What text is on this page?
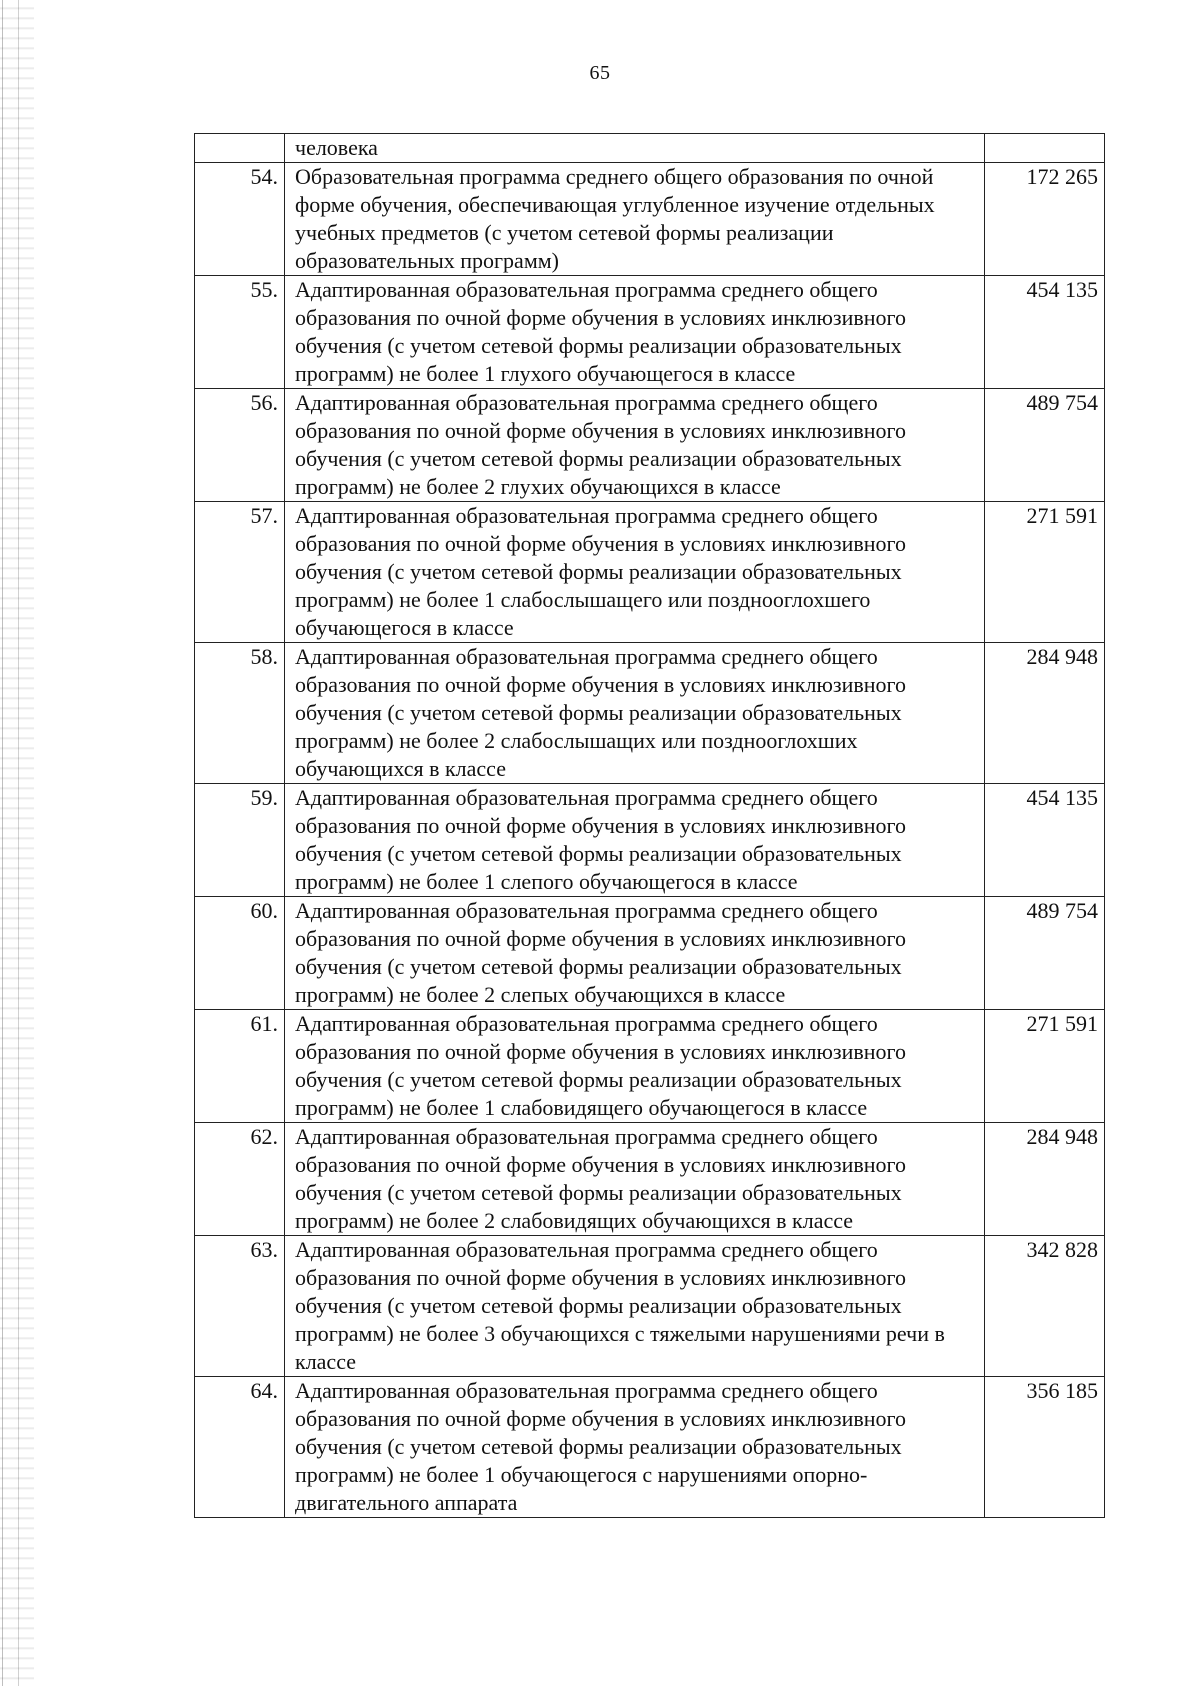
65
	человека	
54.	Образовательная программа среднего общего образования по очной форме обучения, обеспечивающая углубленное изучение отдельных учебных предметов (с учетом сетевой формы реализации образовательных программ)	172 265
55.	Адаптированная образовательная программа среднего общего образования по очной форме обучения в условиях инклюзивного обучения (с учетом сетевой формы реализации образовательных программ) не более 1 глухого обучающегося в классе	454 135
56.	Адаптированная образовательная программа среднего общего образования по очной форме обучения в условиях инклюзивного обучения (с учетом сетевой формы реализации образовательных программ) не более 2 глухих обучающихся в классе	489 754
57.	Адаптированная образовательная программа среднего общего образования по очной форме обучения в условиях инклюзивного обучения (с учетом сетевой формы реализации образовательных программ) не более 1 слабослышащего или позднооглохшего обучающегося в классе	271 591
58.	Адаптированная образовательная программа среднего общего образования по очной форме обучения в условиях инклюзивного обучения (с учетом сетевой формы реализации образовательных программ) не более 2 слабослышащих или позднооглохших обучающихся в классе	284 948
59.	Адаптированная образовательная программа среднего общего образования по очной форме обучения в условиях инклюзивного обучения (с учетом сетевой формы реализации образовательных программ) не более 1 слепого обучающегося в классе	454 135
60.	Адаптированная образовательная программа среднего общего образования по очной форме обучения в условиях инклюзивного обучения (с учетом сетевой формы реализации образовательных программ) не более 2 слепых обучающихся в классе	489 754
61.	Адаптированная образовательная программа среднего общего образования по очной форме обучения в условиях инклюзивного обучения (с учетом сетевой формы реализации образовательных программ) не более 1 слабовидящего обучающегося в классе	271 591
62.	Адаптированная образовательная программа среднего общего образования по очной форме обучения в условиях инклюзивного обучения (с учетом сетевой формы реализации образовательных программ) не более 2 слабовидящих обучающихся в классе	284 948
63.	Адаптированная образовательная программа среднего общего образования по очной форме обучения в условиях инклюзивного обучения (с учетом сетевой формы реализации образовательных программ) не более 3 обучающихся с тяжелыми нарушениями речи в классе	342 828
64.	Адаптированная образовательная программа среднего общего образования по очной форме обучения в условиях инклюзивного обучения (с учетом сетевой формы реализации образовательных программ) не более 1 обучающегося с нарушениями опорно-двигательного аппарата	356 185
